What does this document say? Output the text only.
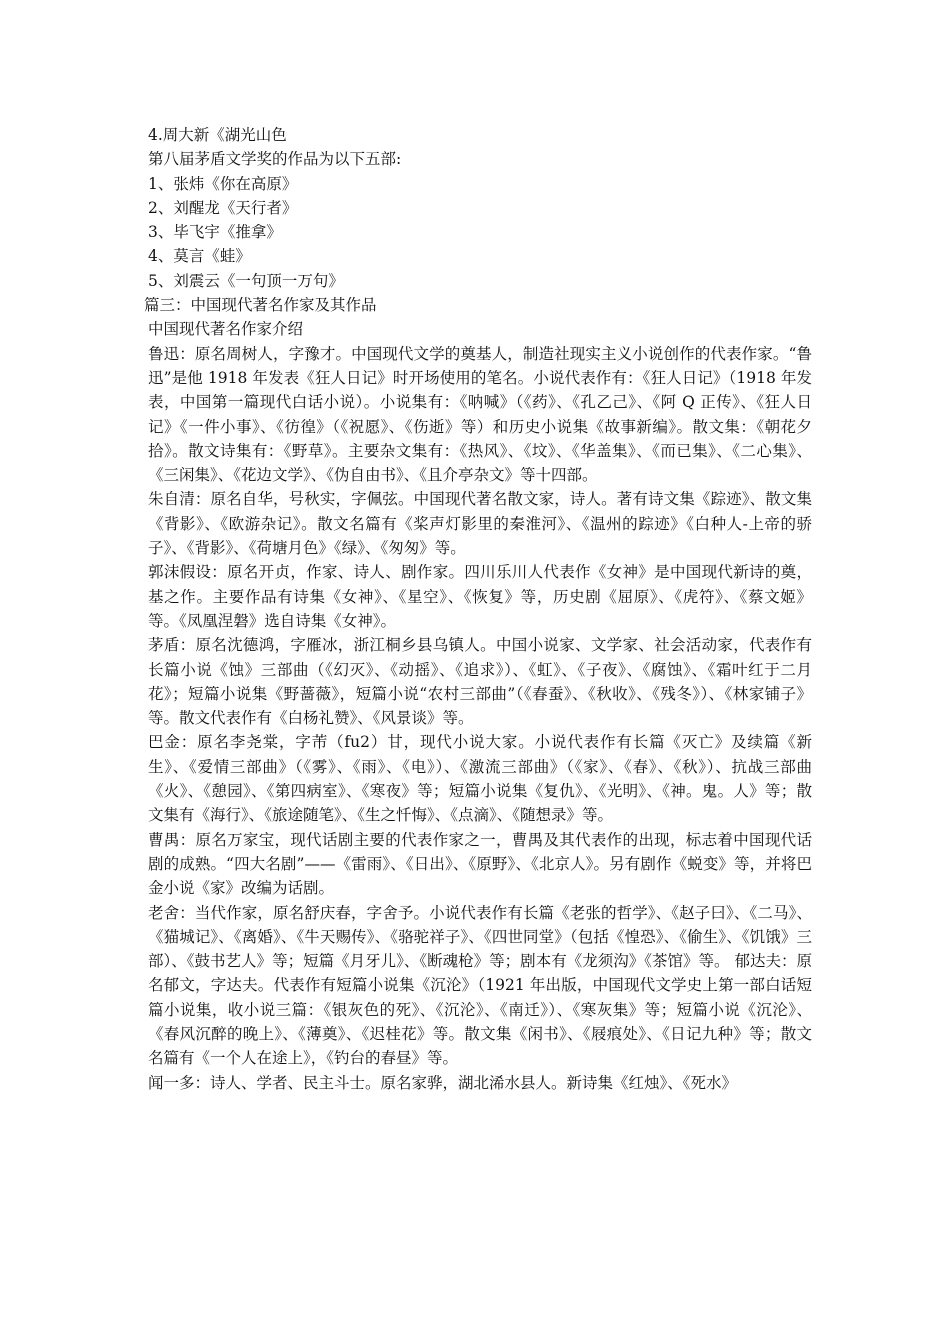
4.周大新《湖光山色

第八届茅盾文学奖的作品为以下五部:

1、张炜《你在高原》

2、刘醒龙《天行者》

3、毕飞宇《推拿》

4、莫言《蛙》

5、刘震云《一句顶一万句》

篇三：中国现代著名作家及其作品

中国现代著名作家介绍

鲁迅：原名周树人，字豫才。中国现代文学的奠基人，制造社现实主义小说创作的代表作家。“鲁迅”是他 1918 年发表《狂人日记》时开场使用的笔名。小说代表作有：《狂人日记》（1918 年发表，中国第一篇现代白话小说）。小说集有：《呐喊》（《药》、《孔乙己》、《阿 Q 正传》、《狂人日记》《一件小事》、《彷徨》（《祝愿》、《伤逝》等）和历史小说集《故事新编》。散文集：《朝花夕拾》。散文诗集有：《野草》。主要杂文集有：《热风》、《坟》、《华盖集》、《而已集》、《二心集》、《三闲集》、《花边文学》、《伪自由书》、《且介亭杂文》等十四部。

朱自清：原名自华，号秋实，字佩弦。中国现代著名散文家，诗人。著有诗文集《踪迹》、散文集《背影》、《欧游杂记》。散文名篇有《桨声灯影里的秦淮河》、《温州的踪迹》《白种人-上帝的骄子》、《背影》、《荷塘月色》《绿》、《匆匆》等。

郭沫假设：原名开贞，作家、诗人、剧作家。四川乐川人代表作《女神》是中国现代新诗的奠，基之作。主要作品有诗集《女神》、《星空》、《恢复》等，历史剧《屈原》、《虎符》、《蔡文姬》等。《凤凰涅磐》选自诗集《女神》。

茅盾：原名沈德鸿，字雁冰，浙江桐乡县乌镇人。中国小说家、文学家、社会活动家，代表作有长篇小说《蚀》三部曲（《幻灭》、《动摇》、《追求》）、《虹》、《子夜》、《腐蚀》、《霜叶红于二月花》；短篇小说集《野蔷薇》，短篇小说“农村三部曲”（《春蚕》、《秋收》、《残冬》）、《林家铺子》等。散文代表作有《白杨礼赞》、《风景谈》等。

巴金：原名李尧棠，字芾（fu2）甘，现代小说大家。小说代表作有长篇《灭亡》及续篇《新生》、《爱情三部曲》（《雾》、《雨》、《电》）、《激流三部曲》（《家》、《春》、《秋》）、抗战三部曲《火》、《憩园》、《第四病室》、《寒夜》等；短篇小说集《复仇》、《光明》、《神。鬼。人》等；散文集有《海行》、《旅途随笔》、《生之忏悔》、《点滴》、《随想录》等。

曹禺：原名万家宝，现代话剧主要的代表作家之一，曹禺及其代表作的出现，标志着中国现代话剧的成熟。“四大名剧”——《雷雨》、《日出》、《原野》、《北京人》。另有剧作《蜕变》等，并将巴金小说《家》改编为话剧。

老舍：当代作家，原名舒庆春，字舍予。小说代表作有长篇《老张的哲学》、《赵子曰》、《二马》、《猫城记》、《离婚》、《牛天赐传》、《骆驼祥子》、《四世同堂》（包括《惶恐》、《偷生》、《饥饿》三部）、《鼓书艺人》等；短篇《月牙儿》、《断魂枪》等；剧本有《龙须沟》《茶馆》等。 郁达夫：原名郁文，字达夫。代表作有短篇小说集《沉沦》（1921 年出版，中国现代文学史上第一部白话短篇小说集，收小说三篇：《银灰色的死》、《沉沦》、《南迁》）、《寒灰集》等；短篇小说《沉沦》、《春风沉醉的晚上》、《薄奠》、《迟桂花》等。散文集《闲书》、《屐痕处》、《日记九种》等；散文名篇有《一个人在途上》，《钓台的春昼》等。

闻一多：诗人、学者、民主斗士。原名家骅，湖北浠水县人。新诗集《红烛》、《死水》
